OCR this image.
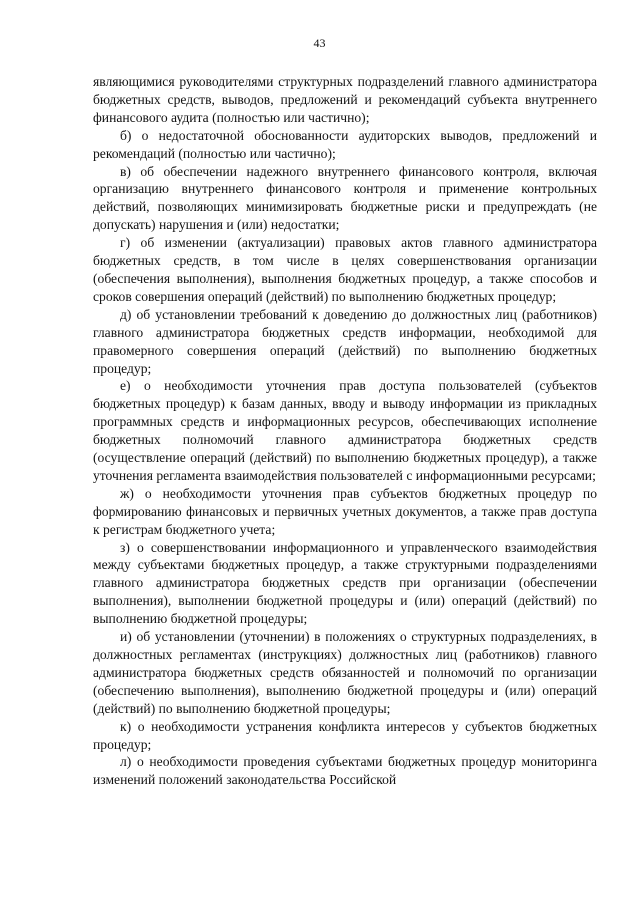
43

являющимися руководителями структурных подразделений главного администратора бюджетных средств, выводов, предложений и рекомендаций субъекта внутреннего финансового аудита (полностью или частично);

б) о недостаточной обоснованности аудиторских выводов, предложений и рекомендаций (полностью или частично);

в) об обеспечении надежного внутреннего финансового контроля, включая организацию внутреннего финансового контроля и применение контрольных действий, позволяющих минимизировать бюджетные риски и предупреждать (не допускать) нарушения и (или) недостатки;

г) об изменении (актуализации) правовых актов главного администратора бюджетных средств, в том числе в целях совершенствования организации (обеспечения выполнения), выполнения бюджетных процедур, а также способов и сроков совершения операций (действий) по выполнению бюджетных процедур;

д) об установлении требований к доведению до должностных лиц (работников) главного администратора бюджетных средств информации, необходимой для правомерного совершения операций (действий) по выполнению бюджетных процедур;

е) о необходимости уточнения прав доступа пользователей (субъектов бюджетных процедур) к базам данных, вводу и выводу информации из прикладных программных средств и информационных ресурсов, обеспечивающих исполнение бюджетных полномочий главного администратора бюджетных средств (осуществление операций (действий) по выполнению бюджетных процедур), а также уточнения регламента взаимодействия пользователей с информационными ресурсами;

ж) о необходимости уточнения прав субъектов бюджетных процедур по формированию финансовых и первичных учетных документов, а также прав доступа к регистрам бюджетного учета;

з) о совершенствовании информационного и управленческого взаимодействия между субъектами бюджетных процедур, а также структурными подразделениями главного администратора бюджетных средств при организации (обеспечении выполнения), выполнении бюджетной процедуры и (или) операций (действий) по выполнению бюджетной процедуры;

и) об установлении (уточнении) в положениях о структурных подразделениях, в должностных регламентах (инструкциях) должностных лиц (работников) главного администратора бюджетных средств обязанностей и полномочий по организации (обеспечению выполнения), выполнению бюджетной процедуры и (или) операций (действий) по выполнению бюджетной процедуры;

к) о необходимости устранения конфликта интересов у субъектов бюджетных процедур;

л) о необходимости проведения субъектами бюджетных процедур мониторинга изменений положений законодательства Российской
